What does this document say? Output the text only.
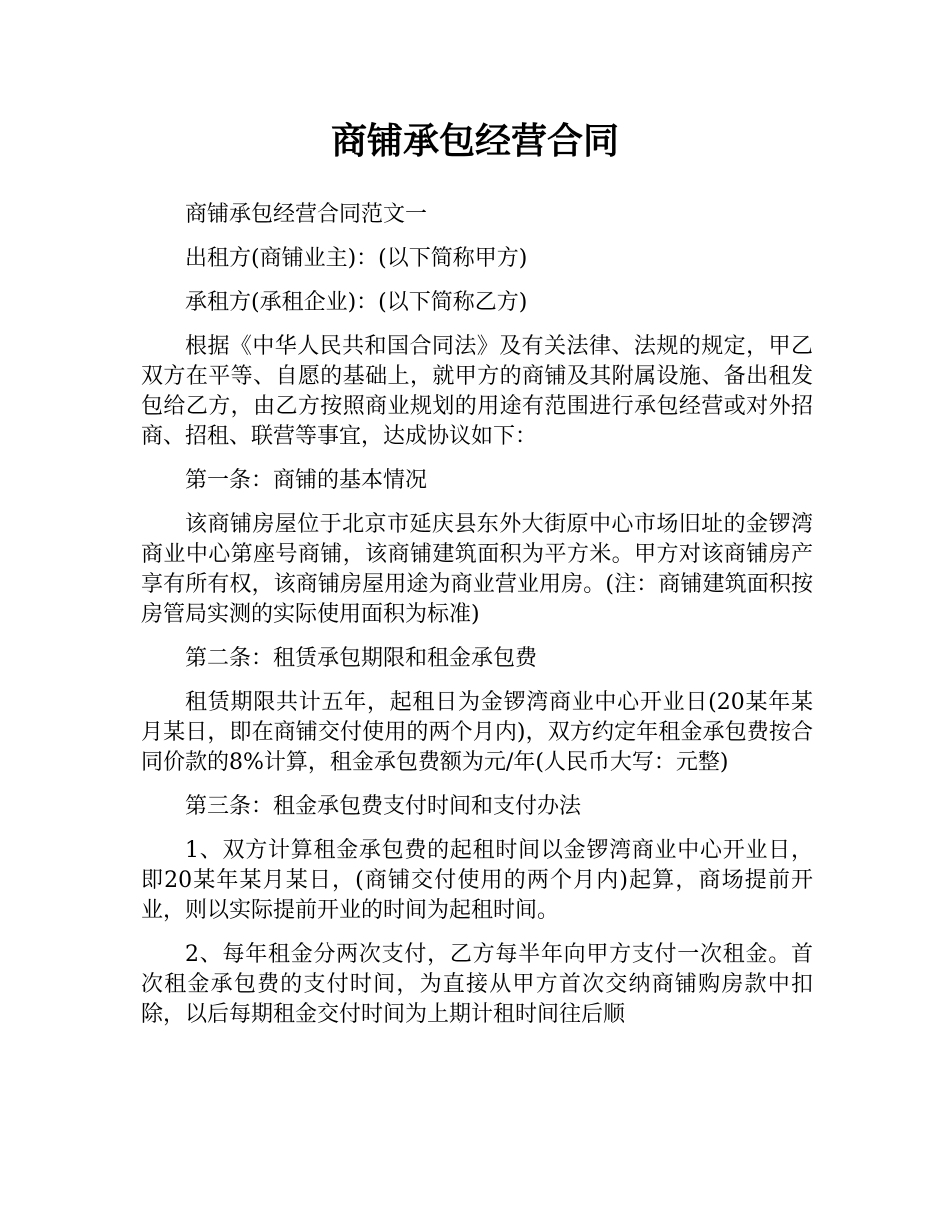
商铺承包经营合同

商铺承包经营合同范文一

出租方(商铺业主)：(以下简称甲方)

承租方(承租企业)：(以下简称乙方)

根据《中华人民共和国合同法》及有关法律、法规的规定，甲乙双方在平等、自愿的基础上，就甲方的商铺及其附属设施、备出租发包给乙方，由乙方按照商业规划的用途有范围进行承包经营或对外招商、招租、联营等事宜，达成协议如下：

第一条：商铺的基本情况

该商铺房屋位于北京市延庆县东外大街原中心市场旧址的金锣湾商业中心第座号商铺，该商铺建筑面积为平方米。甲方对该商铺房产享有所有权，该商铺房屋用途为商业营业用房。(注：商铺建筑面积按房管局实测的实际使用面积为标准)

第二条：租赁承包期限和租金承包费

租赁期限共计五年，起租日为金锣湾商业中心开业日(20某年某月某日，即在商铺交付使用的两个月内)，双方约定年租金承包费按合同价款的8%计算，租金承包费额为元/年(人民币大写：元整)

第三条：租金承包费支付时间和支付办法

1、双方计算租金承包费的起租时间以金锣湾商业中心开业日，即20某年某月某日，(商铺交付使用的两个月内)起算，商场提前开业，则以实际提前开业的时间为起租时间。

2、每年租金分两次支付，乙方每半年向甲方支付一次租金。首次租金承包费的支付时间，为直接从甲方首次交纳商铺购房款中扣除，以后每期租金交付时间为上期计租时间往后顺
